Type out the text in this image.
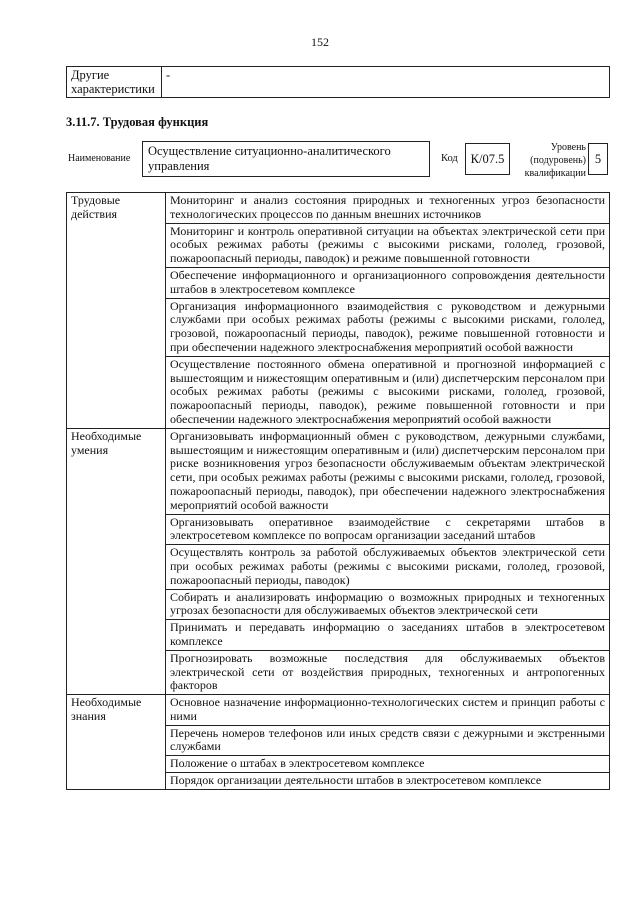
152
Другие характеристики	-
3.11.7. Трудовая функция
Наименование
Осуществление ситуационно-аналитического управления
Код	К/07.5
Уровень (подуровень) квалификации
5
Трудовые действия	Мониторинг и анализ состояния природных и техногенных угроз безопасности технологических процессов по данным внешних источников
	Мониторинг и контроль оперативной ситуации на объектах электрической сети при особых режимах работы (режимы с высокими рисками, гололед, грозовой, пожароопасный периоды, паводок) и режиме повышенной готовности
	Обеспечение информационного и организационного сопровождения деятельности штабов в электросетевом комплексе
	Организация информационного взаимодействия с руководством и дежурными службами при особых режимах работы (режимы с высокими рисками, гололед, грозовой, пожароопасный периоды, паводок), режиме повышенной готовности и при обеспечении надежного электроснабжения мероприятий особой важности
	Осуществление постоянного обмена оперативной и прогнозной информацией с вышестоящим и нижестоящим оперативным и (или) диспетчерским персоналом при особых режимах работы (режимы с высокими рисками, гололед, грозовой, пожароопасный периоды, паводок), режиме повышенной готовности и при обеспечении надежного электроснабжения мероприятий особой важности
Необходимые умения	Организовывать информационный обмен с руководством, дежурными службами, вышестоящим и нижестоящим оперативным и (или) диспетчерским персоналом при риске возникновения угроз безопасности обслуживаемым объектам электрической сети, при особых режимах работы (режимы с высокими рисками, гололед, грозовой, пожароопасный периоды, паводок), при обеспечении надежного электроснабжения мероприятий особой важности
	Организовывать оперативное взаимодействие с секретарями штабов в электросетевом комплексе по вопросам организации заседаний штабов
	Осуществлять контроль за работой обслуживаемых объектов электрической сети при особых режимах работы (режимы с высокими рисками, гололед, грозовой, пожароопасный периоды, паводок)
	Собирать и анализировать информацию о возможных природных и техногенных угрозах безопасности для обслуживаемых объектов электрической сети
	Принимать и передавать информацию о заседаниях штабов в электросетевом комплексе
	Прогнозировать возможные последствия для обслуживаемых объектов электрической сети от воздействия природных, техногенных и антропогенных факторов
Необходимые знания	Основное назначение информационно-технологических систем и принцип работы с ними
	Перечень номеров телефонов или иных средств связи с дежурными и экстренными службами
	Положение о штабах в электросетевом комплексе
	Порядок организации деятельности штабов в электросетевом комплексе
